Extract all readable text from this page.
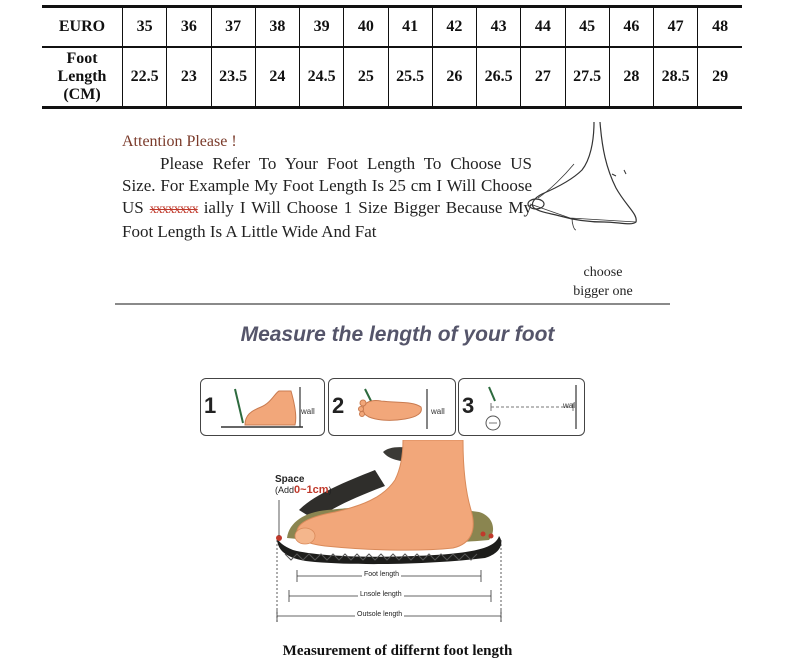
EURO	35	36	37	38	39	40	41	42	43	44	45	46	47	48

Foot
Length
(CM)	22.5	23	23.5	24	24.5	25	25.5	26	26.5	27	27.5	28	28.5	29
Attention Please !
Please Refer To Your Foot Length To Choose US Size. For Example My Foot Length Is 25 cm I Will Choose US xxxxxxxx ially I Will Choose 1 Size Bigger Because My Foot Length Is A Little Wide And Fat
choose
bigger one
Measure the length of your foot
1	wall 2	wall 3	wall
Space
(Add0~1cm)
Foot length
Lnsole length
Outsole length
Measurement of differnt foot length
